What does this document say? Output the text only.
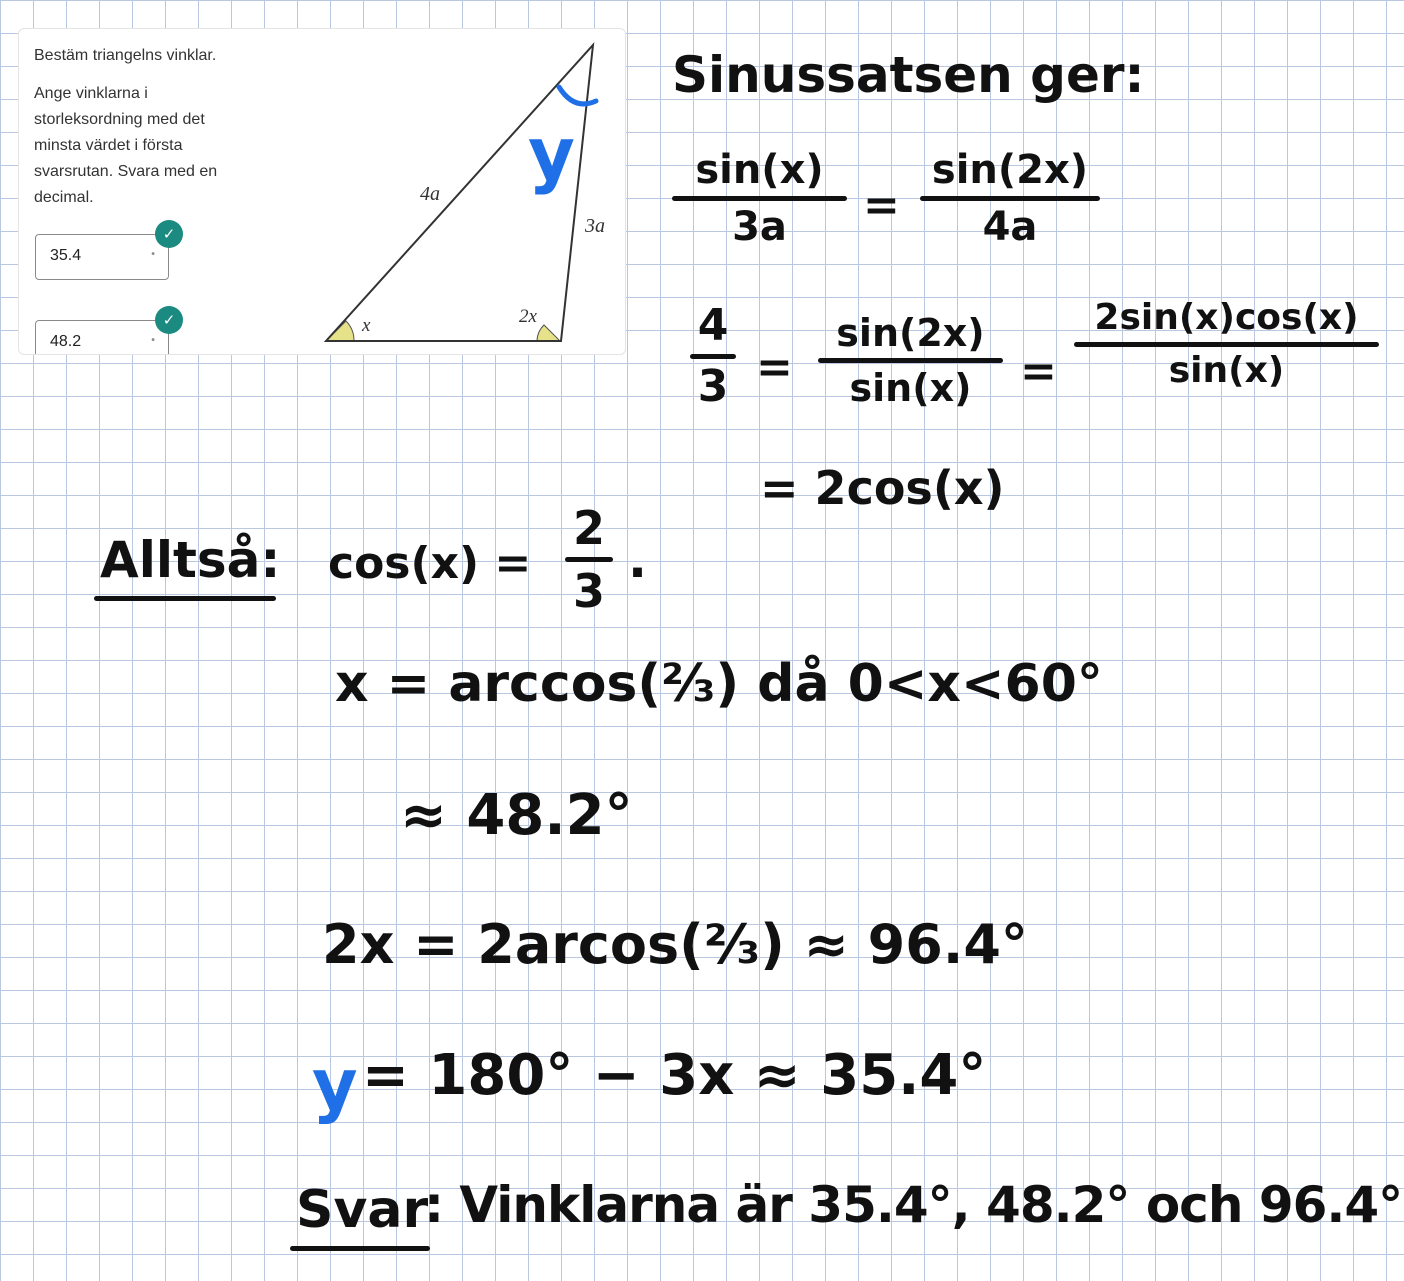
Bestäm triangelns vinklar.
Ange vinklarna i storleksordning med det minsta värdet i första svarsrutan. Svara med en decimal.
35.4	•
✓
48.2	•
✓
4a
3a
x	2x
y
Sinussatsen ger:
sin(x)
3a =
sin(2x)
4a
4
3 =
sin(2x)
sin(x) =
2sin(x)cos(x)
sin(x)
= 2cos(x)
Alltså: cos(x) =
2
3
.
x = arccos(²⁄₃) då 0<x<60°
≈ 48.2°
2x = 2arcos(²⁄₃) ≈ 96.4°
y = 180° − 3x ≈ 35.4°
Svar
: Vinklarna är 35.4°, 48.2° och 96.4°
